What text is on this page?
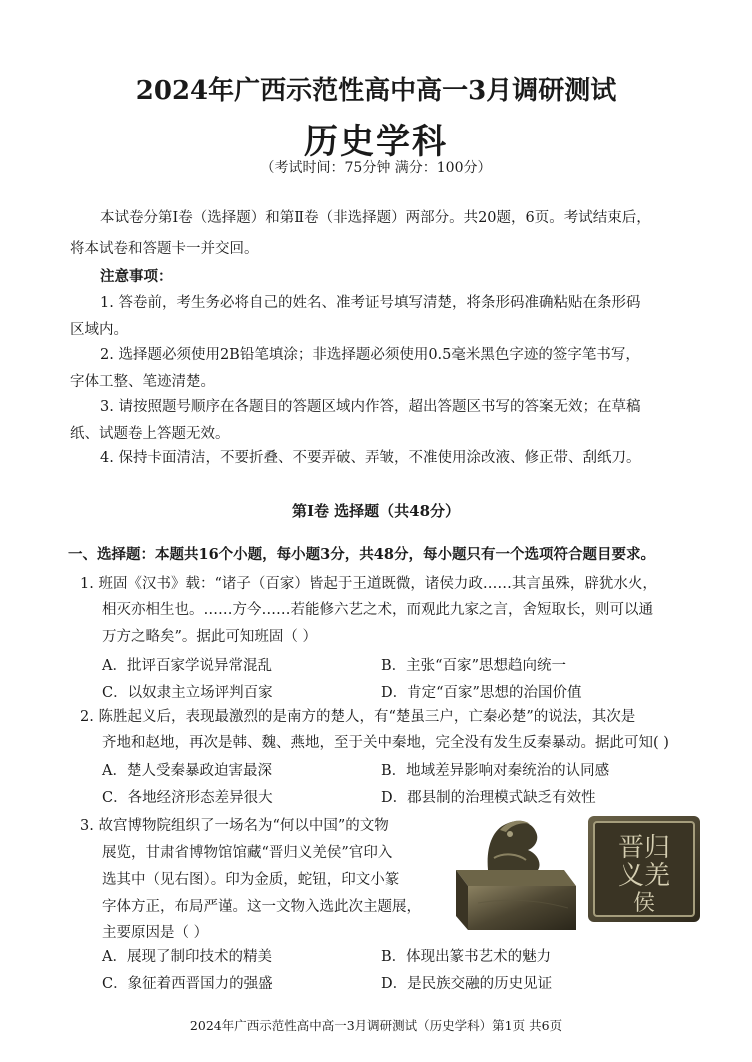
2024年广西示范性高中高一3月调研测试
历史学科
（考试时间：75分钟 满分：100分）
本试卷分第Ⅰ卷（选择题）和第Ⅱ卷（非选择题）两部分。共20题，6页。考试结束后，
将本试卷和答题卡一并交回。
注意事项：
1. 答卷前，考生务必将自己的姓名、准考证号填写清楚，将条形码准确粘贴在条形码
区域内。
2. 选择题必须使用2B铅笔填涂；非选择题必须使用0.5毫米黑色字迹的签字笔书写，
字体工整、笔迹清楚。
3. 请按照题号顺序在各题目的答题区域内作答，超出答题区书写的答案无效；在草稿
纸、试题卷上答题无效。
4. 保持卡面清洁，不要折叠、不要弄破、弄皱，不准使用涂改液、修正带、刮纸刀。
第Ⅰ卷 选择题（共48分）
一、选择题：本题共16个小题，每小题3分，共48分，每小题只有一个选项符合题目要求。
1. 班固《汉书》载：“诸子（百家）皆起于王道既微，诸侯力政……其言虽殊，辟犹水火，
相灭亦相生也。……方今……若能修六艺之术，而观此九家之言，舍短取长，则可以通
万方之略矣”。据此可知班固（ ）
A．批评百家学说异常混乱	B．主张“百家”思想趋向统一
C．以奴隶主立场评判百家	D．肯定“百家”思想的治国价值
2. 陈胜起义后，表现最激烈的是南方的楚人，有“楚虽三户，亡秦必楚”的说法，其次是
齐地和赵地，再次是韩、魏、燕地，至于关中秦地，完全没有发生反秦暴动。据此可知( )
A．楚人受秦暴政迫害最深	B．地域差异影响对秦统治的认同感
C．各地经济形态差异很大	D．郡县制的治理模式缺乏有效性
3. 故宫博物院组织了一场名为“何以中国”的文物
展览，甘肃省博物馆馆藏“晋归义羌侯”官印入
选其中（见右图）。印为金质，蛇钮，印文小篆
字体方正，布局严谨。这一文物入选此次主题展，
主要原因是（ ）
A．展现了制印技术的精美	B．体现出篆书艺术的魅力
C．象征着西晋国力的强盛	D．是民族交融的历史见证
晋归
义羌
侯
2024年广西示范性高中高一3月调研测试（历史学科）第1页 共6页
